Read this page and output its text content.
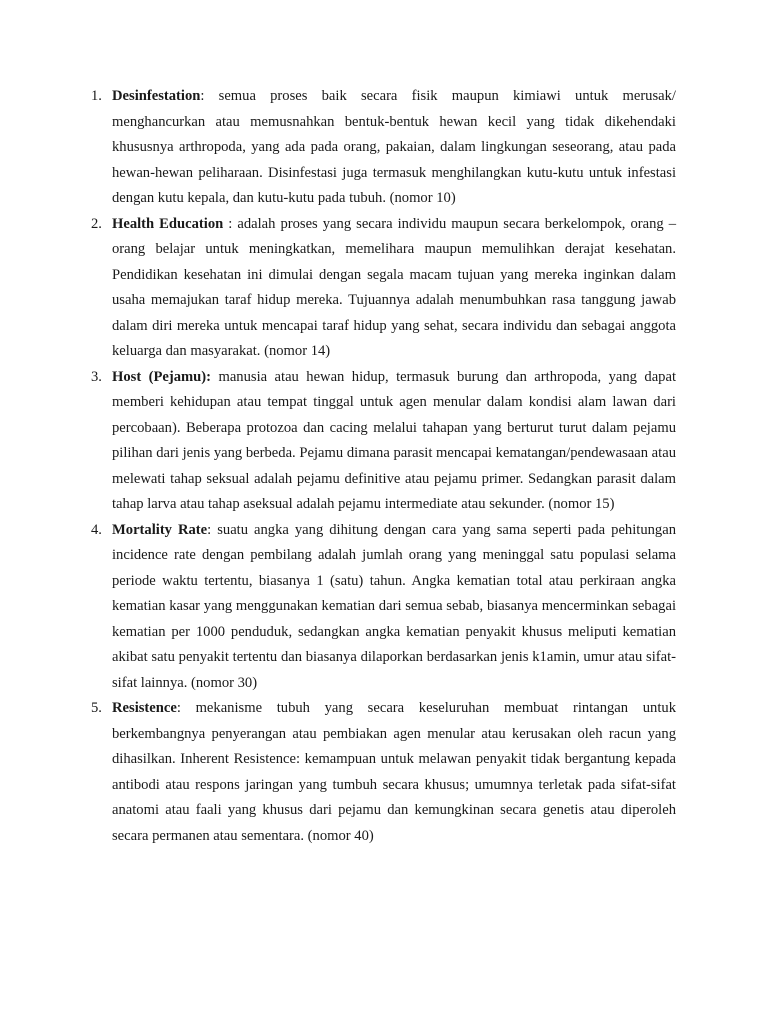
1. Desinfestation: semua proses baik secara fisik maupun kimiawi untuk merusak/ menghancurkan atau memusnahkan bentuk-bentuk hewan kecil yang tidak dikehendaki khususnya arthropoda, yang ada pada orang, pakaian, dalam lingkungan seseorang, atau pada hewan-hewan peliharaan. Disinfestasi juga termasuk menghilangkan kutu-kutu untuk infestasi dengan kutu kepala, dan kutu-kutu pada tubuh. (nomor 10)
2. Health Education : adalah proses yang secara individu maupun secara berkelompok, orang – orang belajar untuk meningkatkan, memelihara maupun memulihkan derajat kesehatan. Pendidikan kesehatan ini dimulai dengan segala macam tujuan yang mereka inginkan dalam usaha memajukan taraf hidup mereka. Tujuannya adalah menumbuhkan rasa tanggung jawab dalam diri mereka untuk mencapai taraf hidup yang sehat, secara individu dan sebagai anggota keluarga dan masyarakat. (nomor 14)
3. Host (Pejamu): manusia atau hewan hidup, termasuk burung dan arthropoda, yang dapat memberi kehidupan atau tempat tinggal untuk agen menular dalam kondisi alam lawan dari percobaan). Beberapa protozoa dan cacing melalui tahapan yang berturut turut dalam pejamu pilihan dari jenis yang berbeda. Pejamu dimana parasit mencapai kematangan/pendewasaan atau melewati tahap seksual adalah pejamu definitive atau pejamu primer. Sedangkan parasit dalam tahap larva atau tahap aseksual adalah pejamu intermediate atau sekunder. (nomor 15)
4. Mortality Rate: suatu angka yang dihitung dengan cara yang sama seperti pada pehitungan incidence rate dengan pembilang adalah jumlah orang yang meninggal satu populasi selama periode waktu tertentu, biasanya 1 (satu) tahun. Angka kematian total atau perkiraan angka kematian kasar yang menggunakan kematian dari semua sebab, biasanya mencerminkan sebagai kematian per 1000 penduduk, sedangkan angka kematian penyakit khusus meliputi kematian akibat satu penyakit tertentu dan biasanya dilaporkan berdasarkan jenis k1amin, umur atau sifat-sifat lainnya. (nomor 30)
5. Resistence: mekanisme tubuh yang secara keseluruhan membuat rintangan untuk berkembangnya penyerangan atau pembiakan agen menular atau kerusakan oleh racun yang dihasilkan. Inherent Resistence: kemampuan untuk melawan penyakit tidak bergantung kepada antibodi atau respons jaringan yang tumbuh secara khusus; umumnya terletak pada sifat-sifat anatomi atau faali yang khusus dari pejamu dan kemungkinan secara genetis atau diperoleh secara permanen atau sementara. (nomor 40)
